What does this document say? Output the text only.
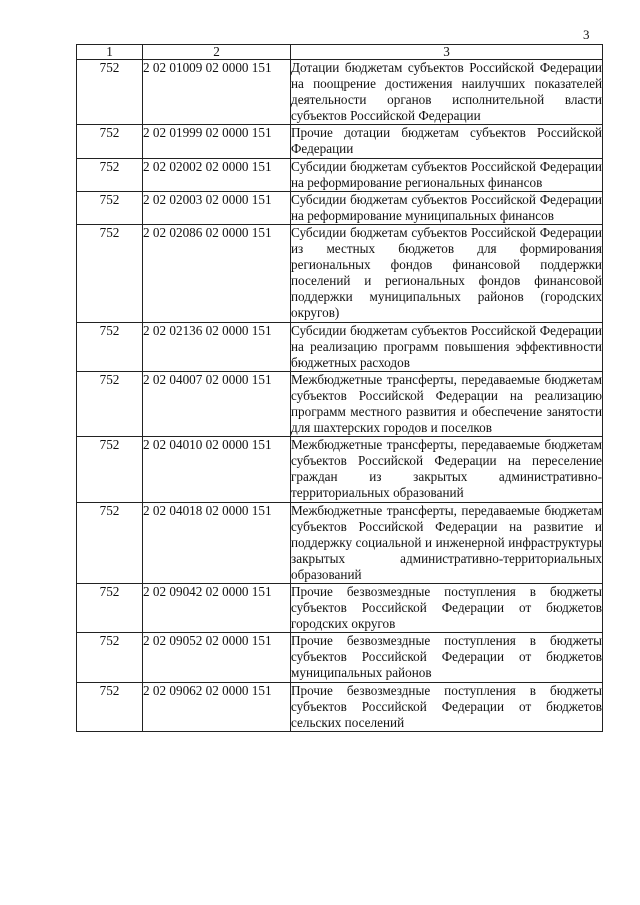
3
1	2	3
752	2 02 01009 02 0000 151	Дотации бюджетам субъектов Российской Федерации на поощрение достижения наилучших показателей деятельности органов исполнительной власти субъектов Российской Федерации
752	2 02 01999 02 0000 151	Прочие дотации бюджетам субъектов Российской Федерации
752	2 02 02002 02 0000 151	Субсидии бюджетам субъектов Российской Федерации на реформирование региональных финансов
752	2 02 02003 02 0000 151	Субсидии бюджетам субъектов Российской Федерации на реформирование муниципальных финансов
752	2 02 02086 02 0000 151	Субсидии бюджетам субъектов Российской Федерации из местных бюджетов для формирования региональных фондов финансовой поддержки поселений и региональных фондов финансовой поддержки муниципальных районов (городских округов)
752	2 02 02136 02 0000 151	Субсидии бюджетам субъектов Российской Федерации на реализацию программ повышения эффективности бюджетных расходов
752	2 02 04007 02 0000 151	Межбюджетные трансферты, передаваемые бюджетам субъектов Российской Федерации на реализацию программ местного развития и обеспечение занятости для шахтерских городов и поселков
752	2 02 04010 02 0000 151	Межбюджетные трансферты, передаваемые бюджетам субъектов Российской Федерации на переселение граждан из закрытых административно-территориальных образований
752	2 02 04018 02 0000 151	Межбюджетные трансферты, передаваемые бюджетам субъектов Российской Федерации на развитие и поддержку социальной и инженерной инфраструктуры закрытых административно-территориальных образований
752	2 02 09042 02 0000 151	Прочие безвозмездные поступления в бюджеты субъектов Российской Федерации от бюджетов городских округов
752	2 02 09052 02 0000 151	Прочие безвозмездные поступления в бюджеты субъектов Российской Федерации от бюджетов муниципальных районов
752	2 02 09062 02 0000 151	Прочие безвозмездные поступления в бюджеты субъектов Российской Федерации от бюджетов сельских поселений
